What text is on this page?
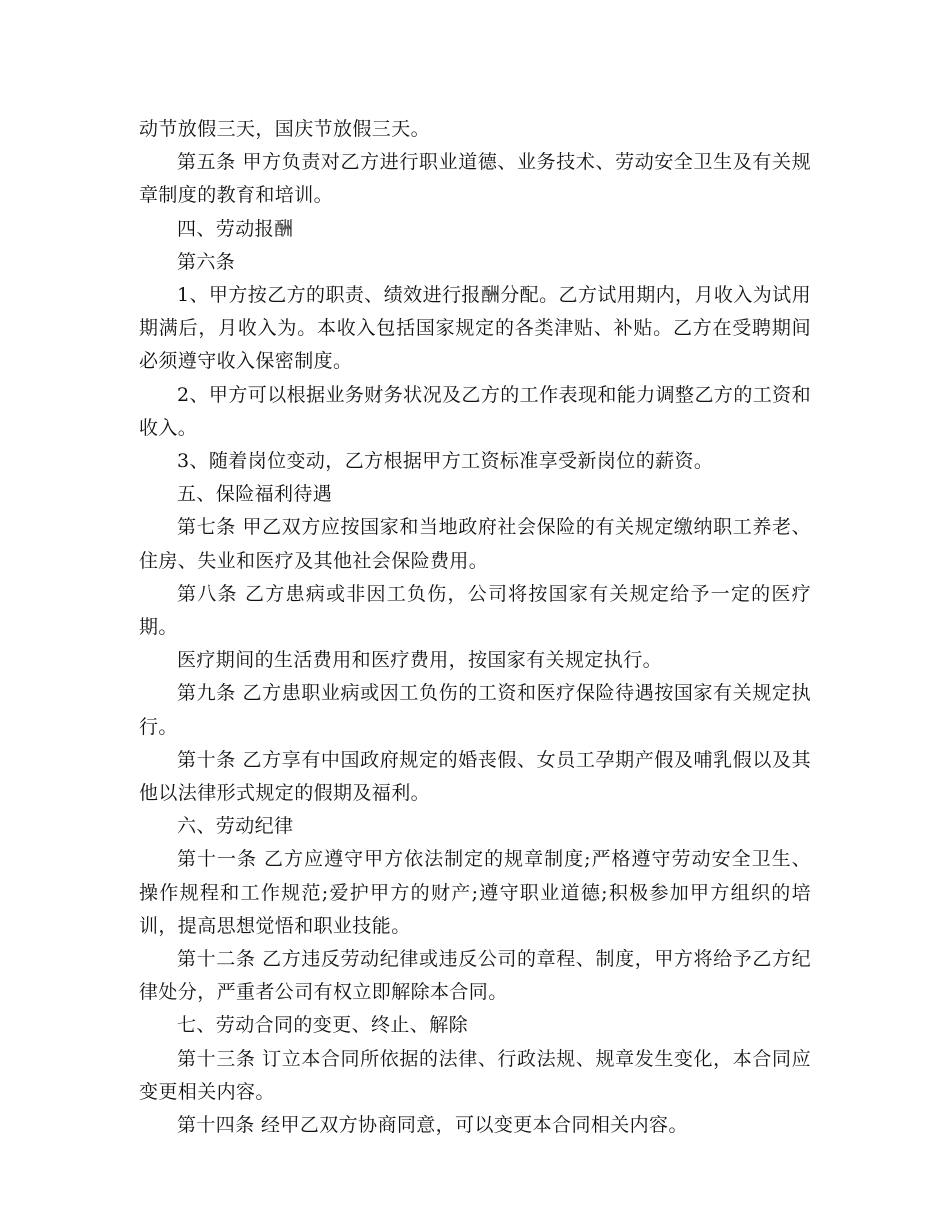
动节放假三天，国庆节放假三天。

第五条 甲方负责对乙方进行职业道德、业务技术、劳动安全卫生及有关规章制度的教育和培训。

四、劳动报酬

第六条

1、甲方按乙方的职责、绩效进行报酬分配。乙方试用期内，月收入为试用期满后，月收入为。本收入包括国家规定的各类津贴、补贴。乙方在受聘期间必须遵守收入保密制度。

2、甲方可以根据业务财务状况及乙方的工作表现和能力调整乙方的工资和收入。

3、随着岗位变动，乙方根据甲方工资标准享受新岗位的薪资。

五、保险福利待遇

第七条 甲乙双方应按国家和当地政府社会保险的有关规定缴纳职工养老、住房、失业和医疗及其他社会保险费用。

第八条 乙方患病或非因工负伤，公司将按国家有关规定给予一定的医疗期。

医疗期间的生活费用和医疗费用，按国家有关规定执行。

第九条 乙方患职业病或因工负伤的工资和医疗保险待遇按国家有关规定执行。

第十条 乙方享有中国政府规定的婚丧假、女员工孕期产假及哺乳假以及其他以法律形式规定的假期及福利。

六、劳动纪律

第十一条 乙方应遵守甲方依法制定的规章制度;严格遵守劳动安全卫生、操作规程和工作规范;爱护甲方的财产;遵守职业道德;积极参加甲方组织的培训，提高思想觉悟和职业技能。

第十二条 乙方违反劳动纪律或违反公司的章程、制度，甲方将给予乙方纪律处分，严重者公司有权立即解除本合同。

七、劳动合同的变更、终止、解除

第十三条 订立本合同所依据的法律、行政法规、规章发生变化，本合同应变更相关内容。

第十四条 经甲乙双方协商同意，可以变更本合同相关内容。
